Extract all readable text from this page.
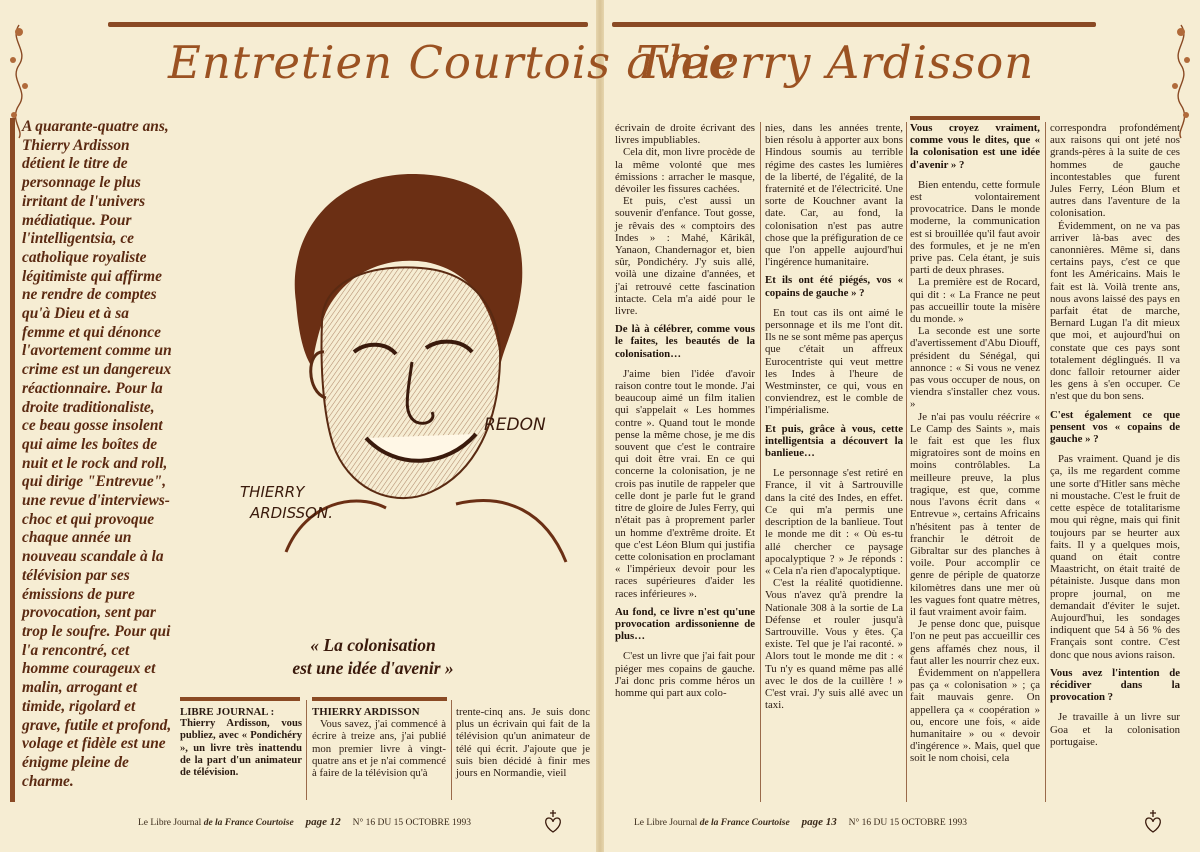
Entretien Courtois avec
Thierry Ardisson
A quarante-quatre ans, Thierry Ardisson détient le titre de personnage le plus irritant de l'univers médiatique. Pour l'intelligentsia, ce catholique royaliste légitimiste qui affirme ne rendre de comptes qu'à Dieu et à sa femme et qui dénonce l'avortement comme un crime est un dangereux réactionnaire. Pour la droite traditionaliste, ce beau gosse insolent qui aime les boîtes de nuit et le rock and roll, qui dirige "Entrevue", une revue d'interviews-choc et qui provoque chaque année un nouveau scandale à la télévision par ses émissions de pure provocation, sent par trop le soufre. Pour qui l'a rencontré, cet homme courageux et malin, arrogant et timide, rigolard et grave, futile et profond, volage et fidèle est une énigme pleine de charme.
REDON
THIERRY
ARDISSON.
« La colonisation
est une idée d'avenir »
LIBRE JOURNAL :
Thierry Ardisson, vous publiez, avec « Pondichéry », un livre très inattendu de la part d'un animateur de télévision.
THIERRY ARDISSON

Vous savez, j'ai commencé à écrire à treize ans, j'ai publié mon premier livre à vingt-quatre ans et je n'ai commencé à faire de la télévision qu'à

trente-cinq ans. Je suis donc plus un écrivain qui fait de la télévision qu'un animateur de télé qui écrit. J'ajoute que je suis bien décidé à finir mes jours en Normandie, vieil

écrivain de droite écrivant des livres impubliables.

Cela dit, mon livre procède de la même volonté que mes émissions : arracher le masque, dévoiler les fissures cachées.

Et puis, c'est aussi un souvenir d'enfance. Tout gosse, je rêvais des « comptoirs des Indes » : Mahé, Kârikâl, Yanaon, Chandernagor et, bien sûr, Pondichéry. J'y suis allé, voilà une dizaine d'années, et j'ai retrouvé cette fascination intacte. Cela m'a aidé pour le livre.

De là à célébrer, comme vous le faites, les beautés de la colonisation…

J'aime bien l'idée d'avoir raison contre tout le monde. J'ai beaucoup aimé un film italien qui s'appelait « Les hommes contre ». Quand tout le monde pense la même chose, je me dis souvent que c'est le contraire qui doit être vrai. En ce qui concerne la colonisation, je ne crois pas inutile de rappeler que celle dont je parle fut le grand titre de gloire de Jules Ferry, qui n'était pas à proprement parler un homme d'extrême droite. Et que c'est Léon Blum qui justifia cette colonisation en proclamant « l'impérieux devoir pour les races supérieures d'aider les races inférieures ».

Au fond, ce livre n'est qu'une provocation ardissonienne de plus…

C'est un livre que j'ai fait pour piéger mes copains de gauche. J'ai donc pris comme héros un homme qui part aux colo-

nies, dans les années trente, bien résolu à apporter aux bons Hindous soumis au terrible régime des castes les lumières de la liberté, de l'égalité, de la fraternité et de l'électricité. Une sorte de Kouchner avant la date. Car, au fond, la colonisation n'est pas autre chose que la préfiguration de ce que l'on appelle aujourd'hui l'ingérence humanitaire.

Et ils ont été piégés, vos « copains de gauche » ?

En tout cas ils ont aimé le personnage et ils me l'ont dit. Ils ne se sont même pas aperçus que c'était un affreux Eurocentriste qui veut mettre les Indes à l'heure de Westminster, ce qui, vous en conviendrez, est le comble de l'impérialisme.

Et puis, grâce à vous, cette intelligentsia a découvert la banlieue…

Le personnage s'est retiré en France, il vit à Sartrouville dans la cité des Indes, en effet. Ce qui m'a permis une description de la banlieue. Tout le monde me dit : « Où es-tu allé chercher ce paysage apocalyptique ? » Je réponds : « Cela n'a rien d'apocalyptique.

C'est la réalité quotidienne. Vous n'avez qu'à prendre la Nationale 308 à la sortie de La Défense et rouler jusqu'à Sartrouville. Vous y êtes. Ça existe. Tel que je l'ai raconté. » Alors tout le monde me dit : « Tu n'y es quand même pas allé avec le dos de la cuillère ! » C'est vrai. J'y suis allé avec un taxi.

Vous croyez vraiment, comme vous le dites, que « la colonisation est une idée d'avenir » ?

Bien entendu, cette formule est volontairement provocatrice. Dans le monde moderne, la communication est si brouillée qu'il faut avoir des formules, et je ne m'en prive pas. Cela étant, je suis parti de deux phrases.

La première est de Rocard, qui dit : « La France ne peut pas accueillir toute la misère du monde. »

La seconde est une sorte d'avertissement d'Abu Diouff, président du Sénégal, qui annonce : « Si vous ne venez pas vous occuper de nous, on viendra s'installer chez vous. »

Je n'ai pas voulu réécrire « Le Camp des Saints », mais le fait est que les flux migratoires sont de moins en moins contrôlables. La meilleure preuve, la plus tragique, est que, comme nous l'avons écrit dans « Entrevue », certains Africains n'hésitent pas à tenter de franchir le détroit de Gibraltar sur des planches à voile. Pour accomplir ce genre de périple de quatorze kilomètres dans une mer où les vagues font quatre mètres, il faut vraiment avoir faim.

Je pense donc que, puisque l'on ne peut pas accueillir ces gens affamés chez nous, il faut aller les nourrir chez eux.

Évidemment on n'appellera pas ça « colonisation » ; ça fait mauvais genre. On appellera ça « coopération » ou, encore une fois, « aide humanitaire » ou « devoir d'ingérence ». Mais, quel que soit le nom choisi, cela

correspondra profondément aux raisons qui ont jeté nos grands-pères à la suite de ces hommes de gauche incontestables que furent Jules Ferry, Léon Blum et autres dans l'aventure de la colonisation.

Évidemment, on ne va pas arriver là-bas avec des canonnières. Même si, dans certains pays, c'est ce que font les Américains. Mais le fait est là. Voilà trente ans, nous avons laissé des pays en parfait état de marche, Bernard Lugan l'a dit mieux que moi, et aujourd'hui on constate que ces pays sont totalement déglingués. Il va donc falloir retourner aider les gens à s'en occuper. Ce n'est que du bon sens.

C'est également ce que pensent vos « copains de gauche » ?

Pas vraiment. Quand je dis ça, ils me regardent comme une sorte d'Hitler sans mèche ni moustache. C'est le fruit de cette espèce de totalitarisme mou qui règne, mais qui finit toujours par se heurter aux faits. Il y a quelques mois, quand on était contre Maastricht, on était traité de pétainiste. Jusque dans mon propre journal, on me demandait d'éviter le sujet. Aujourd'hui, les sondages indiquent que 54 à 56 % des Français sont contre. C'est donc que nous avions raison.

Vous avez l'intention de récidiver dans la provocation ?

Je travaille à un livre sur Goa et la colonisation portugaise.

Le Libre Journal de la France Courtoise page 12 N° 16 DU 15 OCTOBRE 1993	Le Libre Journal de la France Courtoise page 13 N° 16 DU 15 OCTOBRE 1993
